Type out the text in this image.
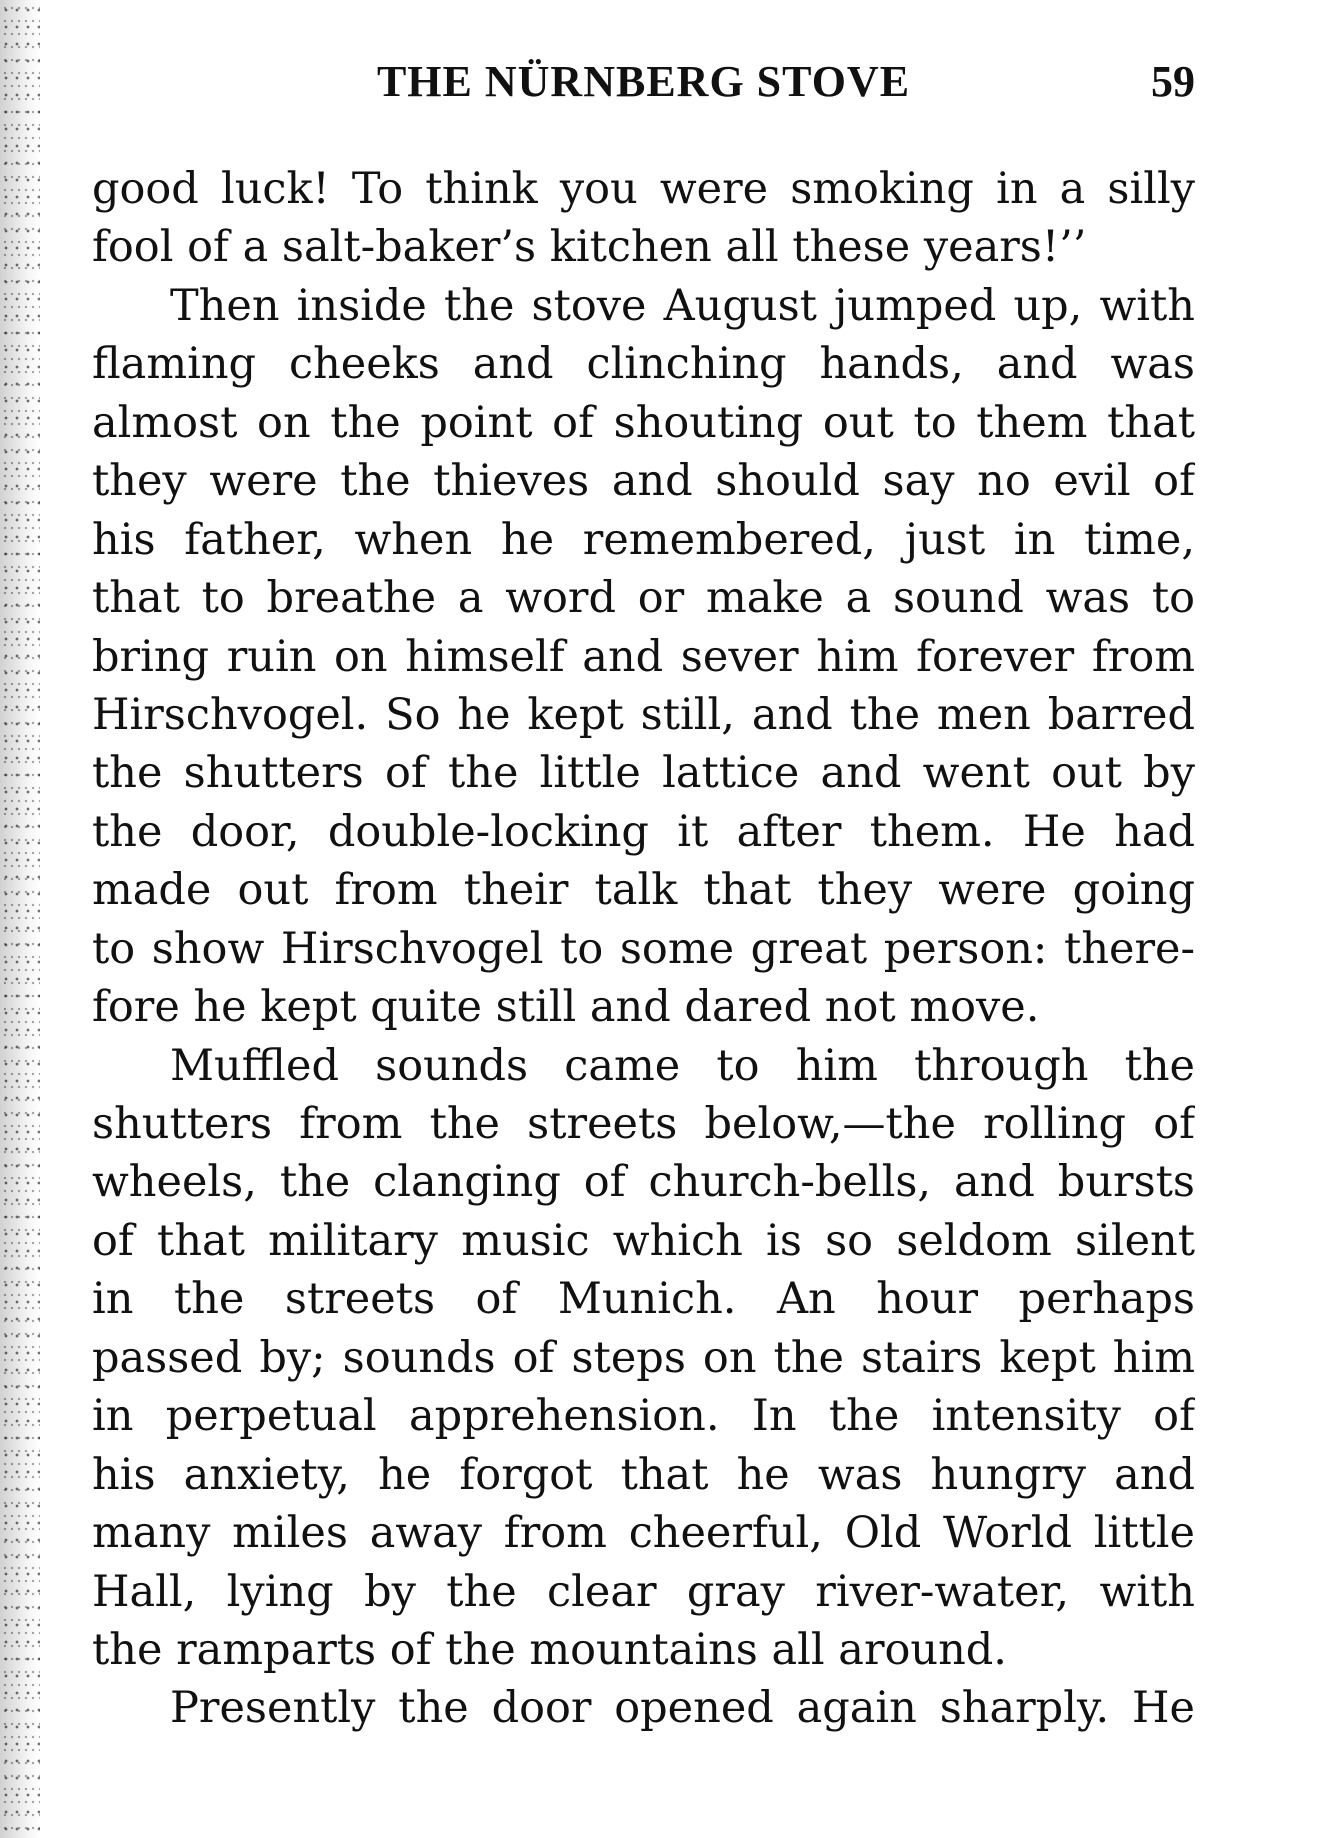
THE NÜRNBERG STOVE	59
good luck! To think you were smoking in a silly
fool of a salt-baker’s kitchen all these years!’’
Then inside the stove August jumped up, with
flaming cheeks and clinching hands, and was
almost on the point of shouting out to them that
they were the thieves and should say no evil of
his father, when he remembered, just in time,
that to breathe a word or make a sound was to
bring ruin on himself and sever him forever from
Hirschvogel. So he kept still, and the men barred
the shutters of the little lattice and went out by
the door, double-locking it after them. He had
made out from their talk that they were going
to show Hirschvogel to some great person: there-
fore he kept quite still and dared not move.
Muffled sounds came to him through the
shutters from the streets below,—the rolling of
wheels, the clanging of church-bells, and bursts
of that military music which is so seldom silent
in the streets of Munich. An hour perhaps
passed by; sounds of steps on the stairs kept him
in perpetual apprehension. In the intensity of
his anxiety, he forgot that he was hungry and
many miles away from cheerful, Old World little
Hall, lying by the clear gray river-water, with
the ramparts of the mountains all around.
Presently the door opened again sharply. He
